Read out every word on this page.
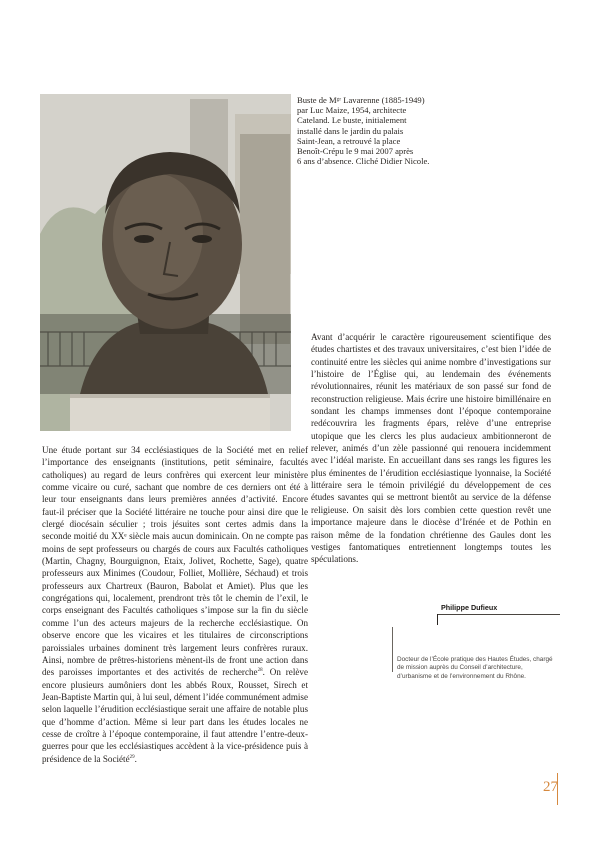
Buste de Mᵍʳ Lavarenne (1885-1949)

par Luc Maize, 1954, architecte

Cateland. Le buste, initialement

installé dans le jardin du palais

Saint-Jean, a retrouvé la place

Benoît-Crépu le 9 mai 2007 après

6 ans d’absence. Cliché Didier Nicole.

Avant d’acquérir le caractère rigoureusement scientifique des études chartistes et des travaux universitaires, c’est bien l’idée de continuité entre les siècles qui anime nombre d’investigations sur l’histoire de l’Église qui, au lendemain des événements révolutionnaires, réunit les matériaux de son passé sur fond de reconstruction religieuse. Mais écrire une histoire bimillénaire en sondant les champs immenses dont l’époque contemporaine redécouvrira les fragments épars, relève d’une entreprise utopique que les clercs les plus audacieux ambitionneront de relever, animés d’un zèle passionné qui renouera incidemment avec l’idéal mariste. En accueillant dans ses rangs les figures les plus éminentes de l’érudition ecclésiastique lyonnaise, la Société littéraire sera le témoin privilégié du développement de ces études savantes qui se mettront bientôt au service de la défense religieuse. On saisit dès lors combien cette question revêt une importance majeure dans le diocèse d’Irénée et de Pothin en raison même de la fondation chrétienne des Gaules dont les vestiges fantomatiques entretiennent longtemps toutes les spéculations.

Une étude portant sur 34 ecclésiastiques de la Société met en relief l’importance des enseignants (institutions, petit séminaire, facultés catholiques) au regard de leurs confrères qui exercent leur ministère comme vicaire ou curé, sachant que nombre de ces derniers ont été à leur tour enseignants dans leurs premières années d’activité. Encore faut-il préciser que la Société littéraire ne touche pour ainsi dire que le clergé diocésain séculier ; trois jésuites sont certes admis dans la seconde moitié du XXᵉ siècle mais aucun dominicain. On ne compte pas moins de sept professeurs ou chargés de cours aux Facultés catholiques (Martin, Chagny, Bourguignon, Etaix, Jolivet, Rochette, Sage), quatre professeurs aux Minimes (Coudour, Folliet, Mollière, Séchaud) et trois professeurs aux Chartreux (Bauron, Babolat et Amiet). Plus que les congrégations qui, localement, prendront très tôt le chemin de l’exil, le corps enseignant des Facultés catholiques s’impose sur la fin du siècle comme l’un des acteurs majeurs de la recherche ecclésiastique. On observe encore que les vicaires et les titulaires de circonscriptions paroissiales urbaines dominent très largement leurs confrères ruraux. Ainsi, nombre de prêtres-historiens mènent-ils de front une action dans des paroisses importantes et des activités de recherche$^{28}$. On relève encore plusieurs aumôniers dont les abbés Roux, Rousset, Sirech et Jean-Baptiste Martin qui, à lui seul, dément l’idée communément admise selon laquelle l’érudition ecclésiastique serait une affaire de notable plus que d’homme d’action. Même si leur part dans les études locales ne cesse de croître à l’époque contemporaine, il faut attendre l’entre-deux-guerres pour que les ecclésiastiques accèdent à la vice-présidence puis à présidence de la Société$^{29}$.

Philippe Dufieux
Docteur de l’École pratique des Hautes Études, chargé de mission auprès du Conseil d’architecture, d’urbanisme et de l’environnement du Rhône.
27
